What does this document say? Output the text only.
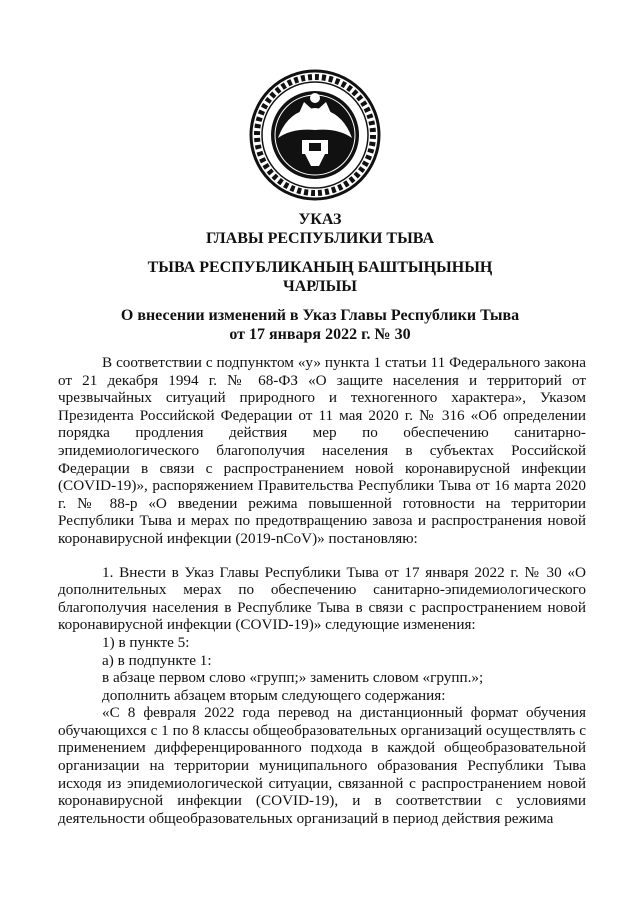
УКАЗ
ГЛАВЫ РЕСПУБЛИКИ ТЫВА
ТЫВА РЕСПУБЛИКАНЫҢ БАШТЫҢЫНЫҢ
ЧАРЛЫЫ
О внесении изменений в Указ Главы Республики Тыва
от 17 января 2022 г. № 30

В соответствии с подпунктом «у» пункта 1 статьи 11 Федерального закона от 21 декабря 1994 г. № 68-ФЗ «О защите населения и территорий от чрезвычайных ситуаций природного и техногенного характера», Указом Президента Российской Федерации от 11 мая 2020 г. № 316 «Об определении порядка продления действия мер по обеспечению санитарно-эпидемиологического благополучия населения в субъектах Российской Федерации в связи с распространением новой коронавирусной инфекции (COVID-19)», распоряжением Правительства Республики Тыва от 16 марта 2020 г. № 88-р «О введении режима повышенной готовности на территории Республики Тыва и мерах по предотвращению завоза и распространения новой коронавирусной инфекции (2019-nCoV)» постановляю:

1. Внести в Указ Главы Республики Тыва от 17 января 2022 г. № 30 «О дополнительных мерах по обеспечению санитарно-эпидемиологического благополучия населения в Республике Тыва в связи с распространением новой коронавирусной инфекции (COVID-19)» следующие изменения:

1) в пункте 5:

а) в подпункте 1:

в абзаце первом слово «групп;» заменить словом «групп.»;

дополнить абзацем вторым следующего содержания:

«С 8 февраля 2022 года перевод на дистанционный формат обучения обучающихся с 1 по 8 классы общеобразовательных организаций осуществлять с применением дифференцированного подхода в каждой общеобразовательной организации на территории муниципального образования Республики Тыва исходя из эпидемиологической ситуации, связанной с распространением новой коронавирусной инфекции (COVID-19), и в соответствии с условиями деятельности общеобразовательных организаций в период действия режима
